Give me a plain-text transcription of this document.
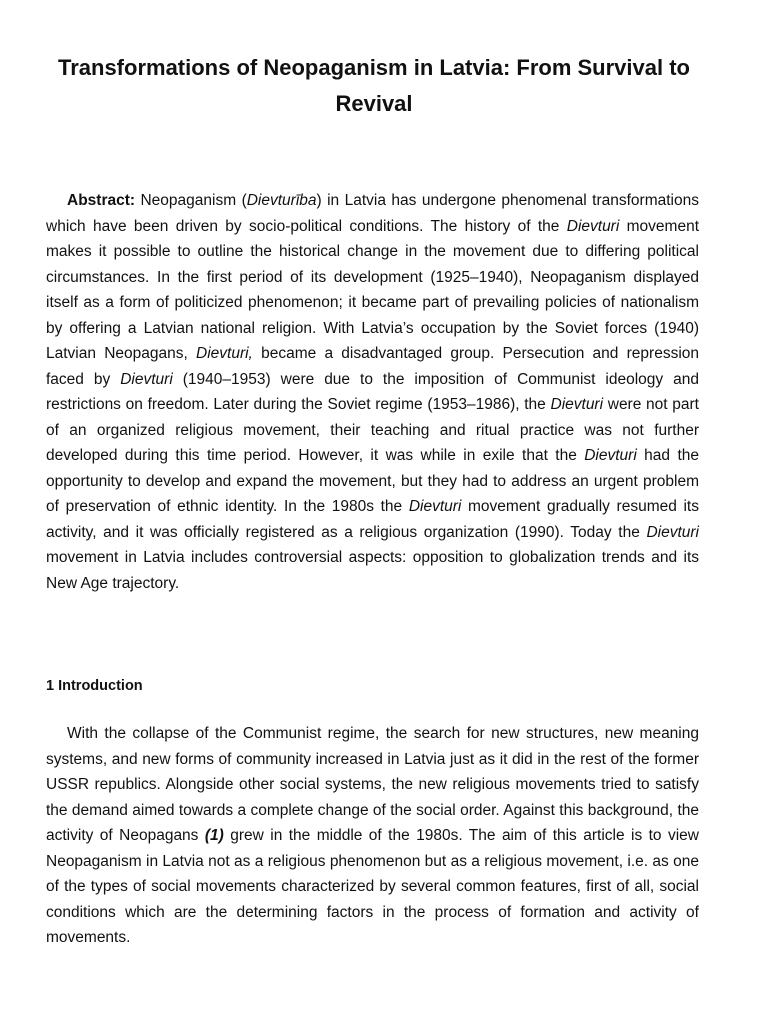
Transformations of Neopaganism in Latvia: From Survival to Revival

Abstract: Neopaganism (Dievturība) in Latvia has undergone phenomenal transformations which have been driven by socio-political conditions. The history of the Dievturi movement makes it possible to outline the historical change in the movement due to differing political circumstances. In the first period of its development (1925–1940), Neopaganism displayed itself as a form of politicized phenomenon; it became part of prevailing policies of nationalism by offering a Latvian national religion. With Latvia’s occupation by the Soviet forces (1940) Latvian Neopagans, Dievturi, became a disadvantaged group. Persecution and repression faced by Dievturi (1940–1953) were due to the imposition of Communist ideology and restrictions on freedom. Later during the Soviet regime (1953–1986), the Dievturi were not part of an organized religious movement, their teaching and ritual practice was not further developed during this time period. However, it was while in exile that the Dievturi had the opportunity to develop and expand the movement, but they had to address an urgent problem of preservation of ethnic identity. In the 1980s the Dievturi movement gradually resumed its activity, and it was officially registered as a religious organization (1990). Today the Dievturi movement in Latvia includes controversial aspects: opposition to globalization trends and its New Age trajectory.

1 Introduction

With the collapse of the Communist regime, the search for new structures, new meaning systems, and new forms of community increased in Latvia just as it did in the rest of the former USSR republics. Alongside other social systems, the new religious movements tried to satisfy the demand aimed towards a complete change of the social order. Against this background, the activity of Neopagans (1) grew in the middle of the 1980s. The aim of this article is to view Neopaganism in Latvia not as a religious phenomenon but as a religious movement, i.e. as one of the types of social movements characterized by several common features, first of all, social conditions which are the determining factors in the process of formation and activity of movements.
